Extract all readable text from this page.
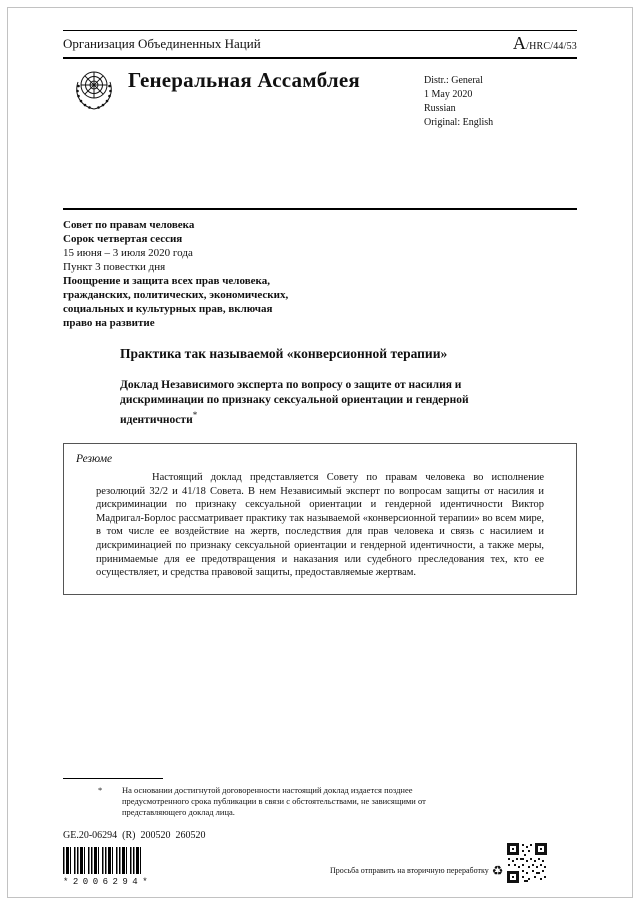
Организация Объединенных Наций	A/HRC/44/53
Генеральная Ассамблея	Distr.: General
1 May 2020
Russian
Original: English
Совет по правам человека
Сорок четвертая сессия
15 июня – 3 июля 2020 года
Пункт 3 повестки дня
Поощрение и защита всех прав человека, гражданских, политических, экономических, социальных и культурных прав, включая право на развитие
Практика так называемой «конверсионной терапии»
Доклад Независимого эксперта по вопросу о защите от насилия и дискриминации по признаку сексуальной ориентации и гендерной идентичности*
Резюме
Настоящий доклад представляется Совету по правам человека во исполнение резолюций 32/2 и 41/18 Совета. В нем Независимый эксперт по вопросам защиты от насилия и дискриминации по признаку сексуальной ориентации и гендерной идентичности Виктор Мадригал-Борлос рассматривает практику так называемой «конверсионной терапии» во всем мире, в том числе ее воздействие на жертв, последствия для прав человека и связь с насилием и дискриминацией по признаку сексуальной ориентации и гендерной идентичности, а также меры, принимаемые для ее предотвращения и наказания или судебного преследования тех, кто ее осуществляет, и средства правовой защиты, предоставляемые жертвам.
* На основании достигнутой договоренности настоящий доклад издается позднее предусмотренного срока публикации в связи с обстоятельствами, не зависящими от представляющего доклад лица.
GE.20-06294  (R)  200520  260520
*2006294*
Просьба отправить на вторичную переработку ♻
